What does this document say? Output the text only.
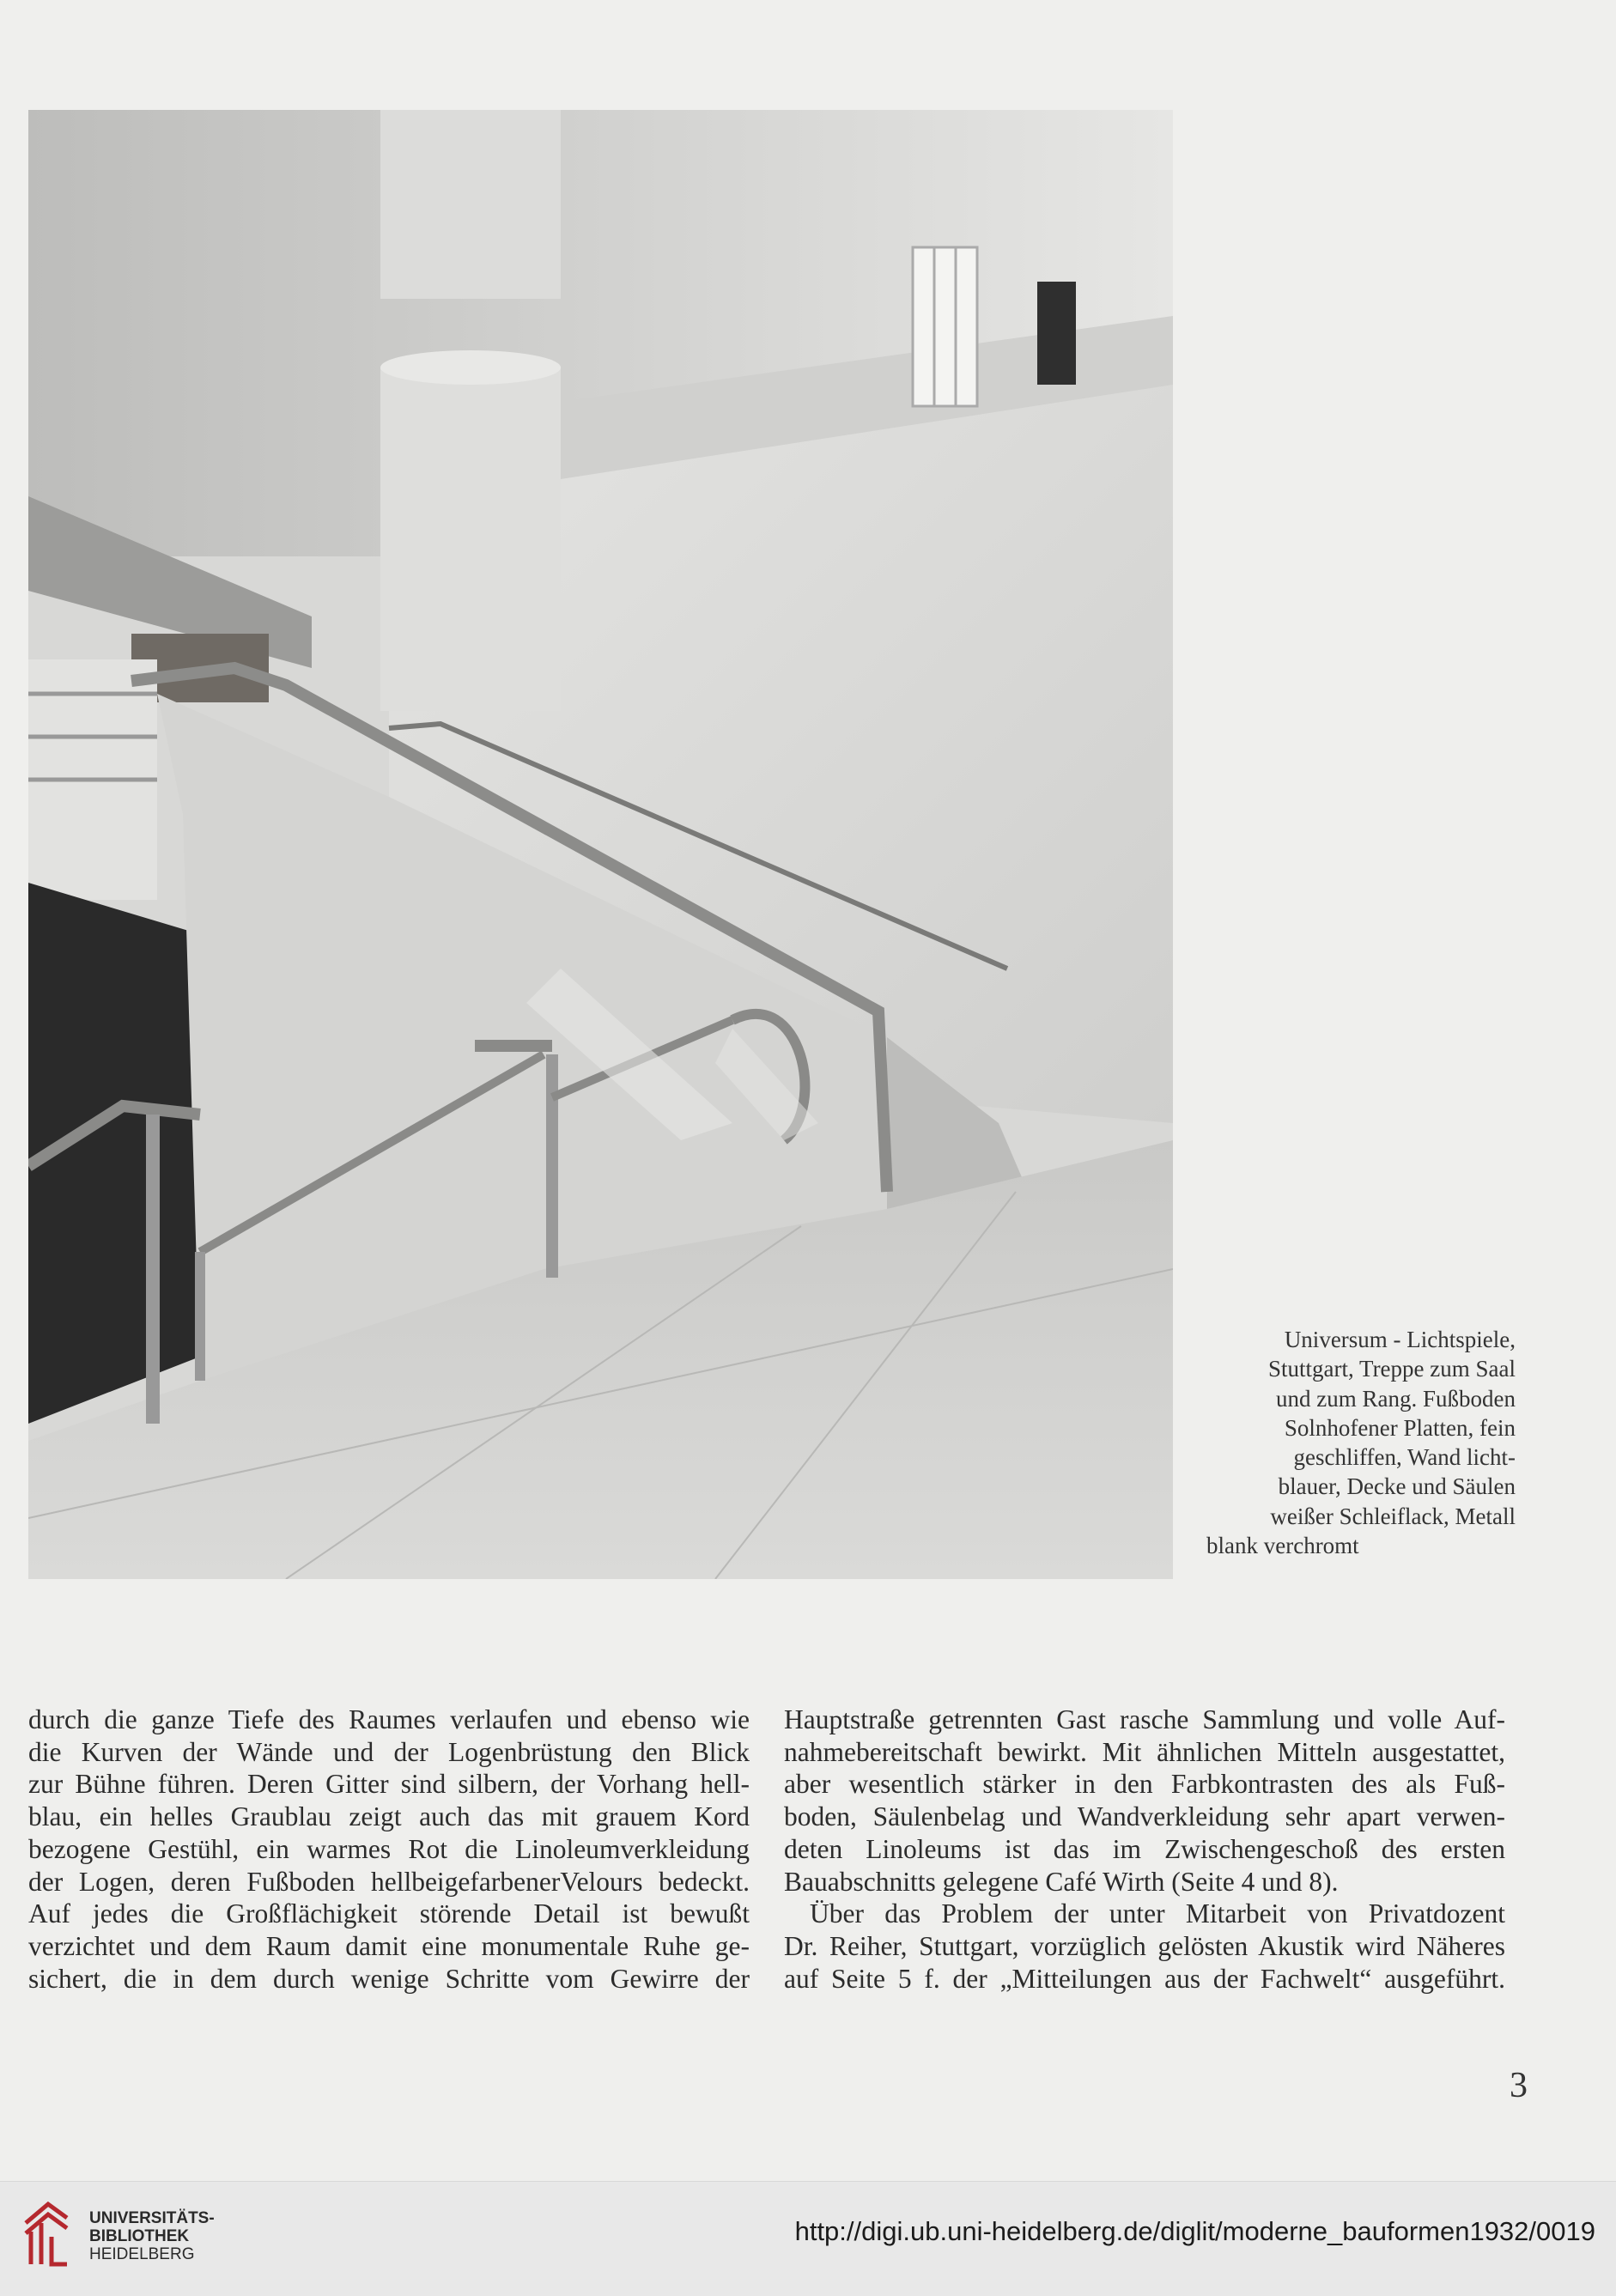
Universum - Lichtspiele,
Stuttgart, Treppe zum Saal
und zum Rang. Fußboden
Solnhofener Platten, fein
geschliffen, Wand licht-
blauer, Decke und Säulen
weißer Schleiflack, Metall
blank verchromt
durch die ganze Tiefe des Raumes verlaufen und ebenso wie
die Kurven der Wände und der Logenbrüstung den Blick
zur Bühne führen. Deren Gitter sind silbern, der Vorhang hell-
blau, ein helles Graublau zeigt auch das mit grauem Kord
bezogene Gestühl, ein warmes Rot die Linoleumverkleidung
der Logen, deren Fußboden hellbeigefarbenerVelours bedeckt.
Auf jedes die Großflächigkeit störende Detail ist bewußt
verzichtet und dem Raum damit eine monumentale Ruhe ge-
sichert, die in dem durch wenige Schritte vom Gewirre der
Hauptstraße getrennten Gast rasche Sammlung und volle Auf-
nahmebereitschaft bewirkt. Mit ähnlichen Mitteln ausgestattet,
aber wesentlich stärker in den Farbkontrasten des als Fuß-
boden, Säulenbelag und Wandverkleidung sehr apart verwen-
deten Linoleums ist das im Zwischengeschoß des ersten
Bauabschnitts gelegene Café Wirth (Seite 4 und 8).
Über das Problem der unter Mitarbeit von Privatdozent
Dr. Reiher, Stuttgart, vorzüglich gelösten Akustik wird Näheres
auf Seite 5 f. der „Mitteilungen aus der Fachwelt“ ausgeführt.
3
UNIVERSITÄTS-
BIBLIOTHEK
HEIDELBERG
http://digi.ub.uni-heidelberg.de/diglit/moderne_bauformen1932/0019
